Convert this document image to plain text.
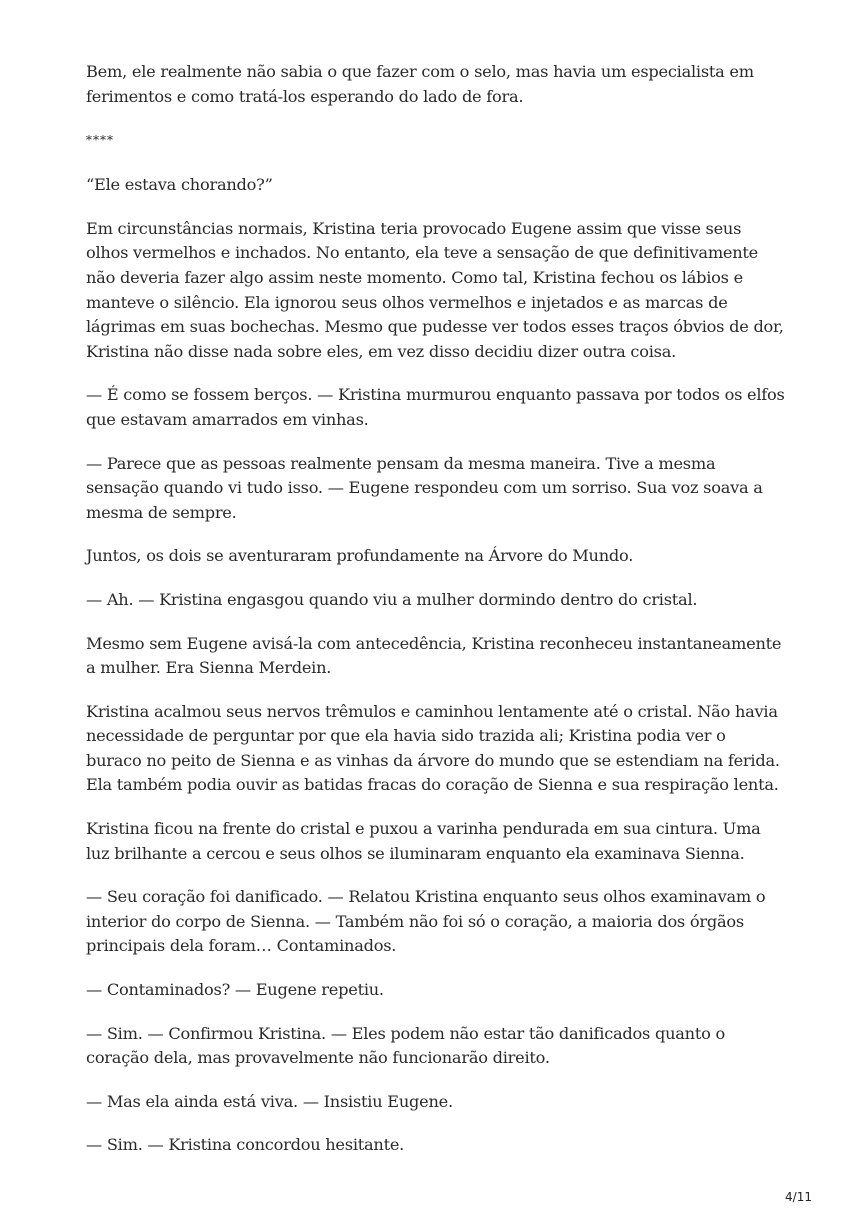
Bem, ele realmente não sabia o que fazer com o selo, mas havia um especialista em ferimentos e como tratá-los esperando do lado de fora.

****

“Ele estava chorando?”

Em circunstâncias normais, Kristina teria provocado Eugene assim que visse seus olhos vermelhos e inchados. No entanto, ela teve a sensação de que definitivamente não deveria fazer algo assim neste momento. Como tal, Kristina fechou os lábios e manteve o silêncio. Ela ignorou seus olhos vermelhos e injetados e as marcas de lágrimas em suas bochechas. Mesmo que pudesse ver todos esses traços óbvios de dor, Kristina não disse nada sobre eles, em vez disso decidiu dizer outra coisa.

— É como se fossem berços. — Kristina murmurou enquanto passava por todos os elfos que estavam amarrados em vinhas.

— Parece que as pessoas realmente pensam da mesma maneira. Tive a mesma sensação quando vi tudo isso. — Eugene respondeu com um sorriso. Sua voz soava a mesma de sempre.

Juntos, os dois se aventuraram profundamente na Árvore do Mundo.

— Ah. — Kristina engasgou quando viu a mulher dormindo dentro do cristal.

Mesmo sem Eugene avisá-la com antecedência, Kristina reconheceu instantaneamente a mulher. Era Sienna Merdein.

Kristina acalmou seus nervos trêmulos e caminhou lentamente até o cristal. Não havia necessidade de perguntar por que ela havia sido trazida ali; Kristina podia ver o buraco no peito de Sienna e as vinhas da árvore do mundo que se estendiam na ferida. Ela também podia ouvir as batidas fracas do coração de Sienna e sua respiração lenta.

Kristina ficou na frente do cristal e puxou a varinha pendurada em sua cintura. Uma luz brilhante a cercou e seus olhos se iluminaram enquanto ela examinava Sienna.

— Seu coração foi danificado. — Relatou Kristina enquanto seus olhos examinavam o interior do corpo de Sienna. — Também não foi só o coração, a maioria dos órgãos principais dela foram… Contaminados.

— Contaminados? — Eugene repetiu.

— Sim. — Confirmou Kristina. — Eles podem não estar tão danificados quanto o coração dela, mas provavelmente não funcionarão direito.

— Mas ela ainda está viva. — Insistiu Eugene.

— Sim. — Kristina concordou hesitante.

4/11
